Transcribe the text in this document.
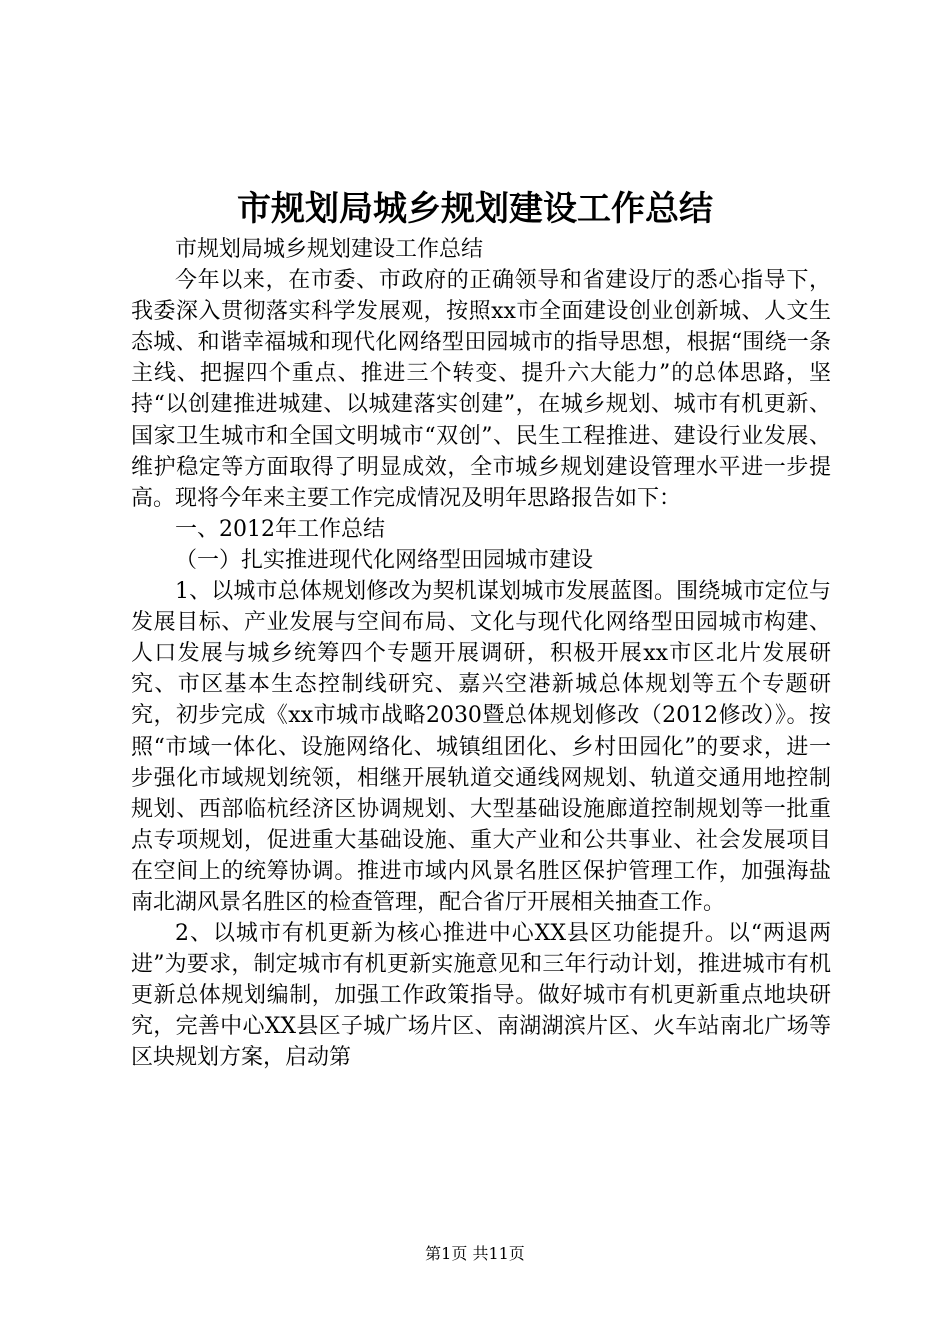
市规划局城乡规划建设工作总结

市规划局城乡规划建设工作总结

今年以来，在市委、市政府的正确领导和省建设厅的悉心指导下，我委深入贯彻落实科学发展观，按照xx市全面建设创业创新城、人文生态城、和谐幸福城和现代化网络型田园城市的指导思想，根据“围绕一条主线、把握四个重点、推进三个转变、提升六大能力”的总体思路，坚持“以创建推进城建、以城建落实创建”，在城乡规划、城市有机更新、国家卫生城市和全国文明城市“双创”、民生工程推进、建设行业发展、维护稳定等方面取得了明显成效，全市城乡规划建设管理水平进一步提高。现将今年来主要工作完成情况及明年思路报告如下：

一、2012年工作总结

（一）扎实推进现代化网络型田园城市建设

1、以城市总体规划修改为契机谋划城市发展蓝图。围绕城市定位与发展目标、产业发展与空间布局、文化与现代化网络型田园城市构建、人口发展与城乡统筹四个专题开展调研，积极开展xx市区北片发展研究、市区基本生态控制线研究、嘉兴空港新城总体规划等五个专题研究，初步完成《xx市城市战略2030暨总体规划修改（2012修改）》。按照“市域一体化、设施网络化、城镇组团化、乡村田园化”的要求，进一步强化市域规划统领，相继开展轨道交通线网规划、轨道交通用地控制规划、西部临杭经济区协调规划、大型基础设施廊道控制规划等一批重点专项规划，促进重大基础设施、重大产业和公共事业、社会发展项目在空间上的统筹协调。推进市域内风景名胜区保护管理工作，加强海盐南北湖风景名胜区的检查管理，配合省厅开展相关抽查工作。

2、以城市有机更新为核心推进中心XX县区功能提升。以“两退两进”为要求，制定城市有机更新实施意见和三年行动计划，推进城市有机更新总体规划编制，加强工作政策指导。做好城市有机更新重点地块研究，完善中心XX县区子城广场片区、南湖湖滨片区、火车站南北广场等区块规划方案，启动第

第1页 共11页
